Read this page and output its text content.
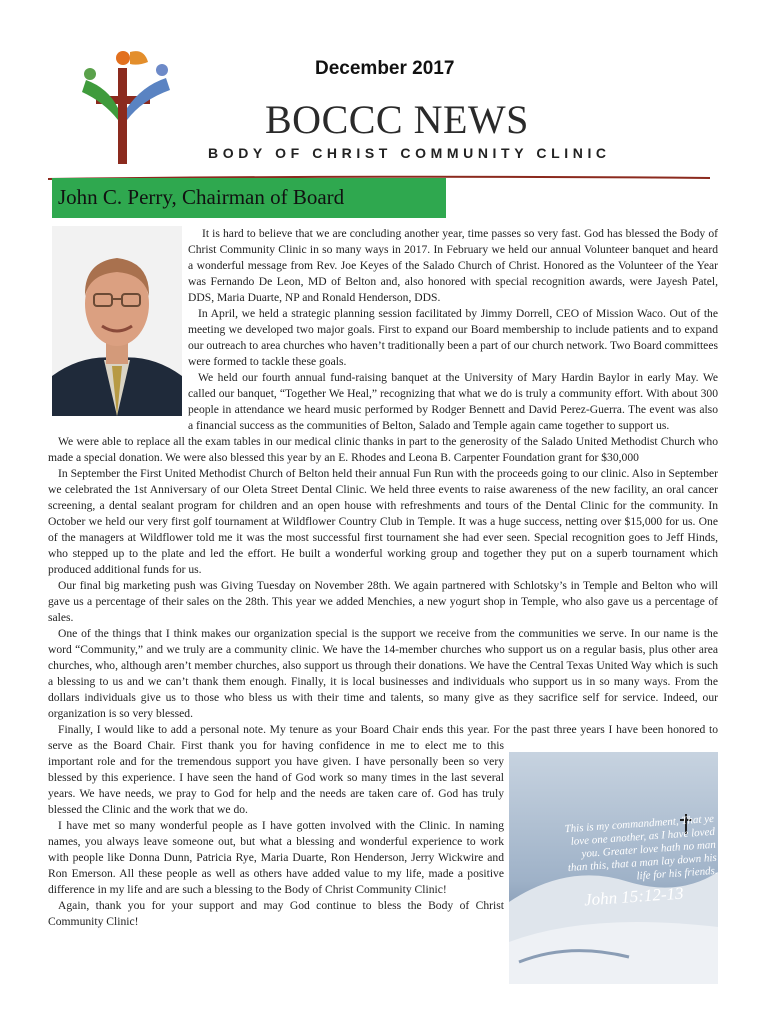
December 2017
BOCCC NEWS
BODY OF CHRIST COMMUNITY CLINIC
John C. Perry, Chairman of Board
This is my commandment, That ye love one another, as I have loved you. Greater love hath no man than this, that a man lay down his life for his friends.
John 15:12-13

It is hard to believe that we are concluding another year, time passes so very fast. God has blessed the Body of Christ Community Clinic in so many ways in 2017. In February we held our annual Volunteer banquet and heard a wonderful message from Rev. Joe Keyes of the Salado Church of Christ. Honored as the Volunteer of the Year was Fernando De Leon, MD of Belton and, also honored with special recognition awards, were Jayesh Patel, DDS, Maria Duarte, NP and Ronald Henderson, DDS.

In April, we held a strategic planning session facilitated by Jimmy Dorrell, CEO of Mission Waco. Out of the meeting we developed two major goals. First to expand our Board membership to include patients and to expand our outreach to area churches who haven’t traditionally been a part of our church network. Two Board committees were formed to tackle these goals.

We held our fourth annual fund-raising banquet at the University of Mary Hardin Baylor in early May. We called our banquet, “Together We Heal,” recognizing that what we do is truly a community effort. With about 300 people in attendance we heard music performed by Rodger Bennett and David Perez-Guerra. The event was also a financial success as the communities of Belton, Salado and Temple again came together to support us.

We were able to replace all the exam tables in our medical clinic thanks in part to the generosity of the Salado United Methodist Church who made a special donation. We were also blessed this year by an E. Rhodes and Leona B. Carpenter Foundation grant for $30,000

In September the First United Methodist Church of Belton held their annual Fun Run with the proceeds going to our clinic. Also in September we celebrated the 1st Anniversary of our Oleta Street Dental Clinic. We held three events to raise awareness of the new facility, an oral cancer screening, a dental sealant program for children and an open house with refreshments and tours of the Dental Clinic for the community. In October we held our very first golf tournament at Wildflower Country Club in Temple. It was a huge success, netting over $15,000 for us. One of the managers at Wildflower told me it was the most successful first tournament she had ever seen. Special recognition goes to Jeff Hinds, who stepped up to the plate and led the effort. He built a wonderful working group and together they put on a superb tournament which produced additional funds for us.

Our final big marketing push was Giving Tuesday on November 28th. We again partnered with Schlotsky’s in Temple and Belton who will gave us a percentage of their sales on the 28th. This year we added Menchies, a new yogurt shop in Temple, who also gave us a percentage of sales.

One of the things that I think makes our organization special is the support we receive from the communities we serve. In our name is the word “Community,” and we truly are a community clinic. We have the 14-member churches who support us on a regular basis, plus other area churches, who, although aren’t member churches, also support us through their donations. We have the Central Texas United Way which is such a blessing to us and we can’t thank them enough. Finally, it is local businesses and individuals who support us in so many ways. From the dollars individuals give us to those who bless us with their time and talents, so many give as they sacrifice self for service. Indeed, our organization is so very blessed.

Finally, I would like to add a personal note. My tenure as your Board Chair ends this year. For the past three years I have been honored to serve as the Board Chair. First thank you for having confidence in me to elect me to this important role and for the tremendous support you have given. I have personally been so very blessed by this experience. I have seen the hand of God work so many times in the last several years. We have needs, we pray to God for help and the needs are taken care of. God has truly blessed the Clinic and the work that we do.

I have met so many wonderful people as I have gotten involved with the Clinic. In naming names, you always leave someone out, but what a blessing and wonderful experience to work with people like Donna Dunn, Patricia Rye, Maria Duarte, Ron Henderson, Jerry Wickwire and Ron Emerson. All these people as well as others have added value to my life, made a positive difference in my life and are such a blessing to the Body of Christ Community Clinic!

Again, thank you for your support and may God continue to bless the Body of Christ Community Clinic!
